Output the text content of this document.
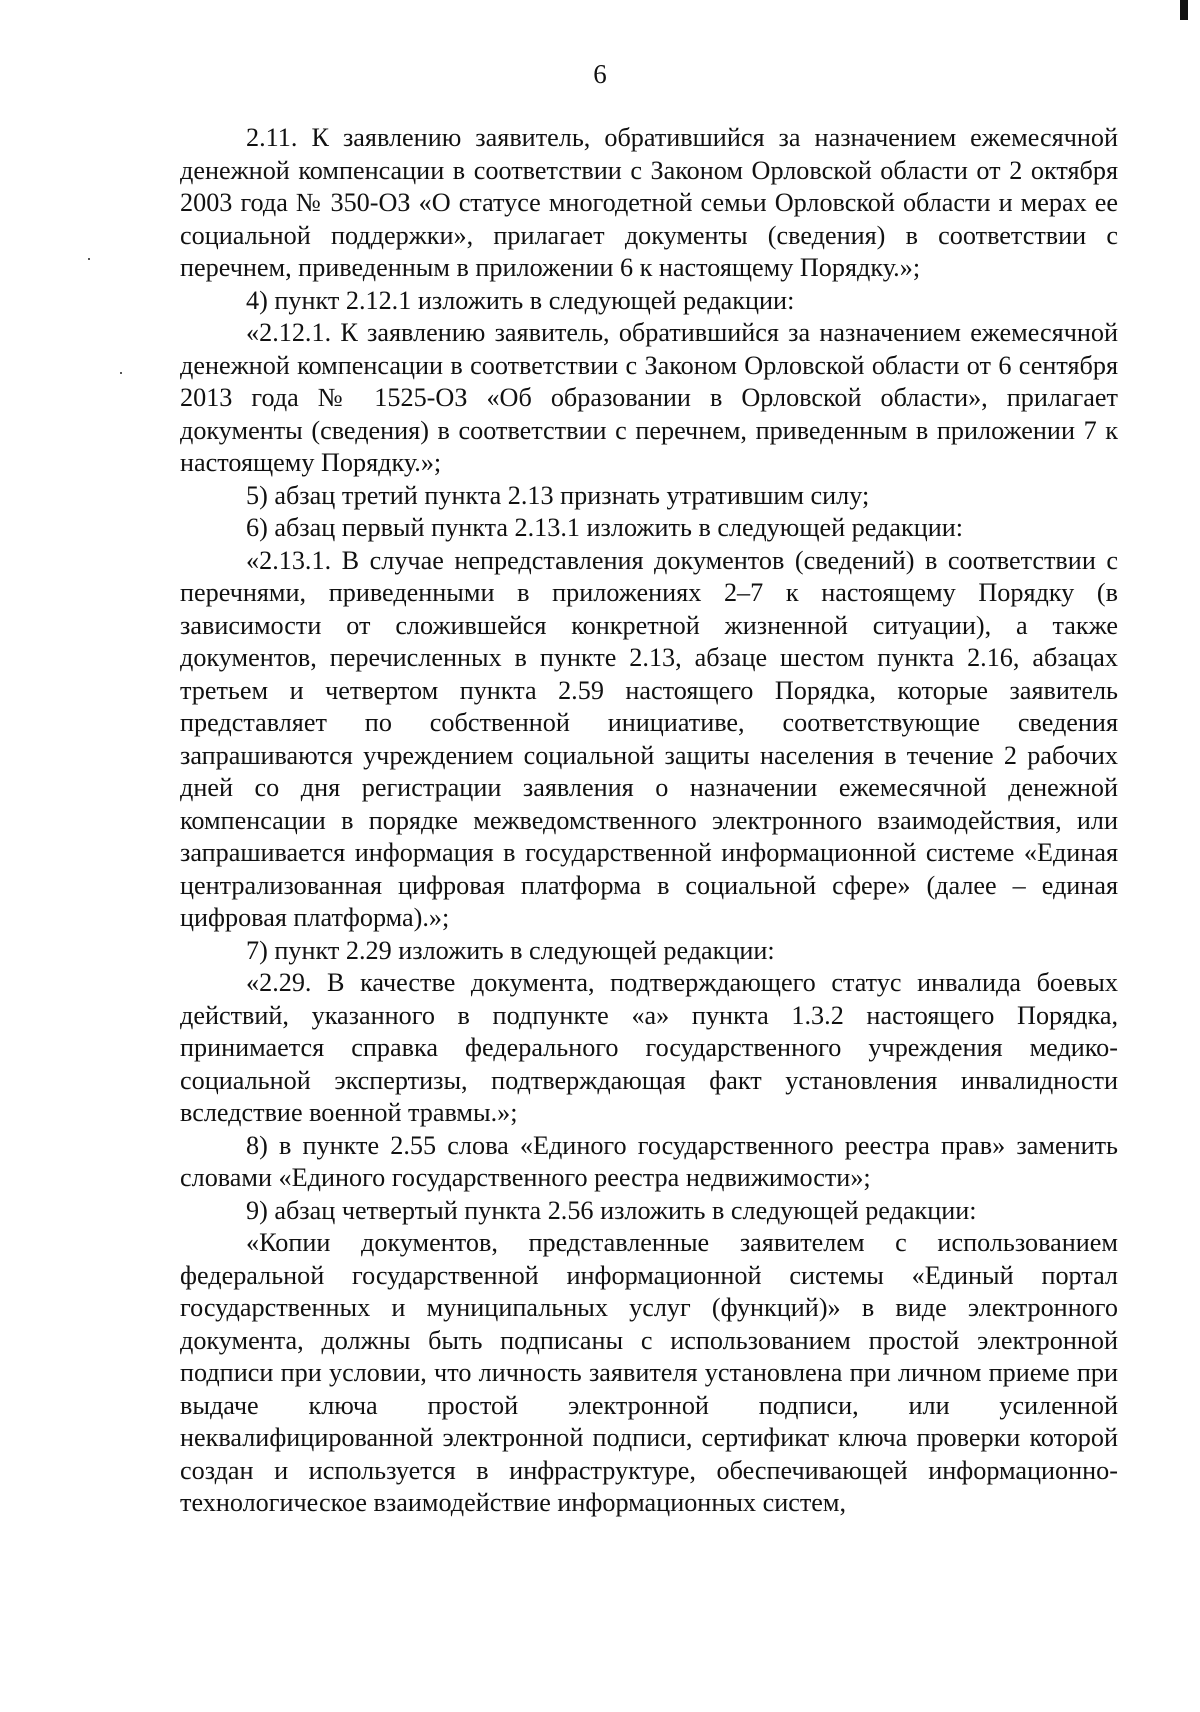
6

2.11. К заявлению заявитель, обратившийся за назначением ежемесячной денежной компенсации в соответствии с Законом Орловской области от 2 октября 2003 года № 350-ОЗ «О статусе многодетной семьи Орловской области и мерах ее социальной поддержки», прилагает документы (сведения) в соответствии с перечнем, приведенным в приложении 6 к настоящему Порядку.»;

4) пункт 2.12.1 изложить в следующей редакции:

«2.12.1. К заявлению заявитель, обратившийся за назначением ежемесячной денежной компенсации в соответствии с Законом Орловской области от 6 сентября 2013 года № 1525-ОЗ «Об образовании в Орловской области», прилагает документы (сведения) в соответствии с перечнем, приведенным в приложении 7 к настоящему Порядку.»;

5) абзац третий пункта 2.13 признать утратившим силу;

6) абзац первый пункта 2.13.1 изложить в следующей редакции:

«2.13.1. В случае непредставления документов (сведений) в соответствии с перечнями, приведенными в приложениях 2–7 к настоящему Порядку (в зависимости от сложившейся конкретной жизненной ситуации), а также документов, перечисленных в пункте 2.13, абзаце шестом пункта 2.16, абзацах третьем и четвертом пункта 2.59 настоящего Порядка, которые заявитель представляет по собственной инициативе, соответствующие сведения запрашиваются учреждением социальной защиты населения в течение 2 рабочих дней со дня регистрации заявления о назначении ежемесячной денежной компенсации в порядке межведомственного электронного взаимодействия, или запрашивается информация в государственной информационной системе «Единая централизованная цифровая платформа в социальной сфере» (далее – единая цифровая платформа).»;

7) пункт 2.29 изложить в следующей редакции:

«2.29. В качестве документа, подтверждающего статус инвалида боевых действий, указанного в подпункте «а» пункта 1.3.2 настоящего Порядка, принимается справка федерального государственного учреждения медико-социальной экспертизы, подтверждающая факт установления инвалидности вследствие военной травмы.»;

8) в пункте 2.55 слова «Единого государственного реестра прав» заменить словами «Единого государственного реестра недвижимости»;

9) абзац четвертый пункта 2.56 изложить в следующей редакции:

«Копии документов, представленные заявителем с использованием федеральной государственной информационной системы «Единый портал государственных и муниципальных услуг (функций)» в виде электронного документа, должны быть подписаны с использованием простой электронной подписи при условии, что личность заявителя установлена при личном приеме при выдаче ключа простой электронной подписи, или усиленной неквалифицированной электронной подписи, сертификат ключа проверки которой создан и используется в инфраструктуре, обеспечивающей информационно-технологическое взаимодействие информационных систем,
